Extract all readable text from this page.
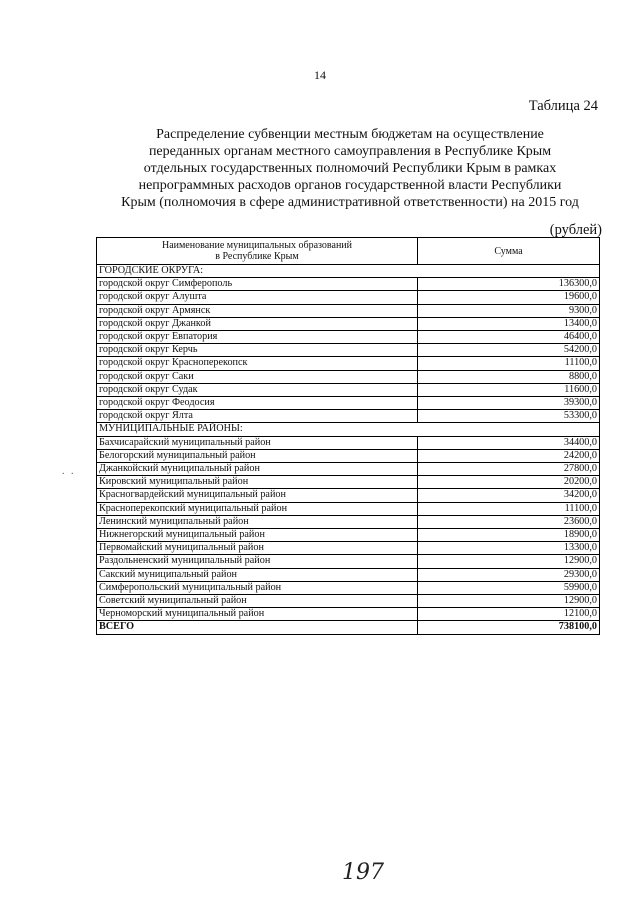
14
Таблица 24
Распределение субвенции местным бюджетам на осуществление
переданных органам местного самоуправления в Республике Крым
отдельных государственных полномочий Республики Крым в рамках
непрограммных расходов органов государственной власти Республики
Крым (полномочия в сфере административной ответственности) на 2015 год
(рублей)
Наименование муниципальных образований
в Республике Крым	Сумма
ГОРОДСКИЕ ОКРУГА:	
городской округ Симферополь	136300,0
городской округ Алушта	19600,0
городской округ Армянск	9300,0
городской округ Джанкой	13400,0
городской округ Евпатория	46400,0
городской округ Керчь	54200,0
городской округ Красноперекопск	11100,0
городской округ Саки	8800,0
городской округ Судак	11600,0
городской округ Феодосия	39300,0
городской округ Ялта	53300,0
МУНИЦИПАЛЬНЫЕ РАЙОНЫ:	
Бахчисарайский муниципальный район	34400,0
Белогорский муниципальный район	24200,0
Джанкойский муниципальный район	27800,0
Кировский муниципальный район	20200,0
Красногвардейский муниципальный район	34200,0
Красноперекопский муниципальный район	11100,0
Ленинский муниципальный район	23600,0
Нижнегорский муниципальный район	18900,0
Первомайский муниципальный район	13300,0
Раздольненский муниципальный район	12900,0
Сакский муниципальный район	29300,0
Симферопольский муниципальный район	59900,0
Советский муниципальный район	12900,0
Черноморский муниципальный район	12100,0
ВСЕГО	738100,0
. .
197
